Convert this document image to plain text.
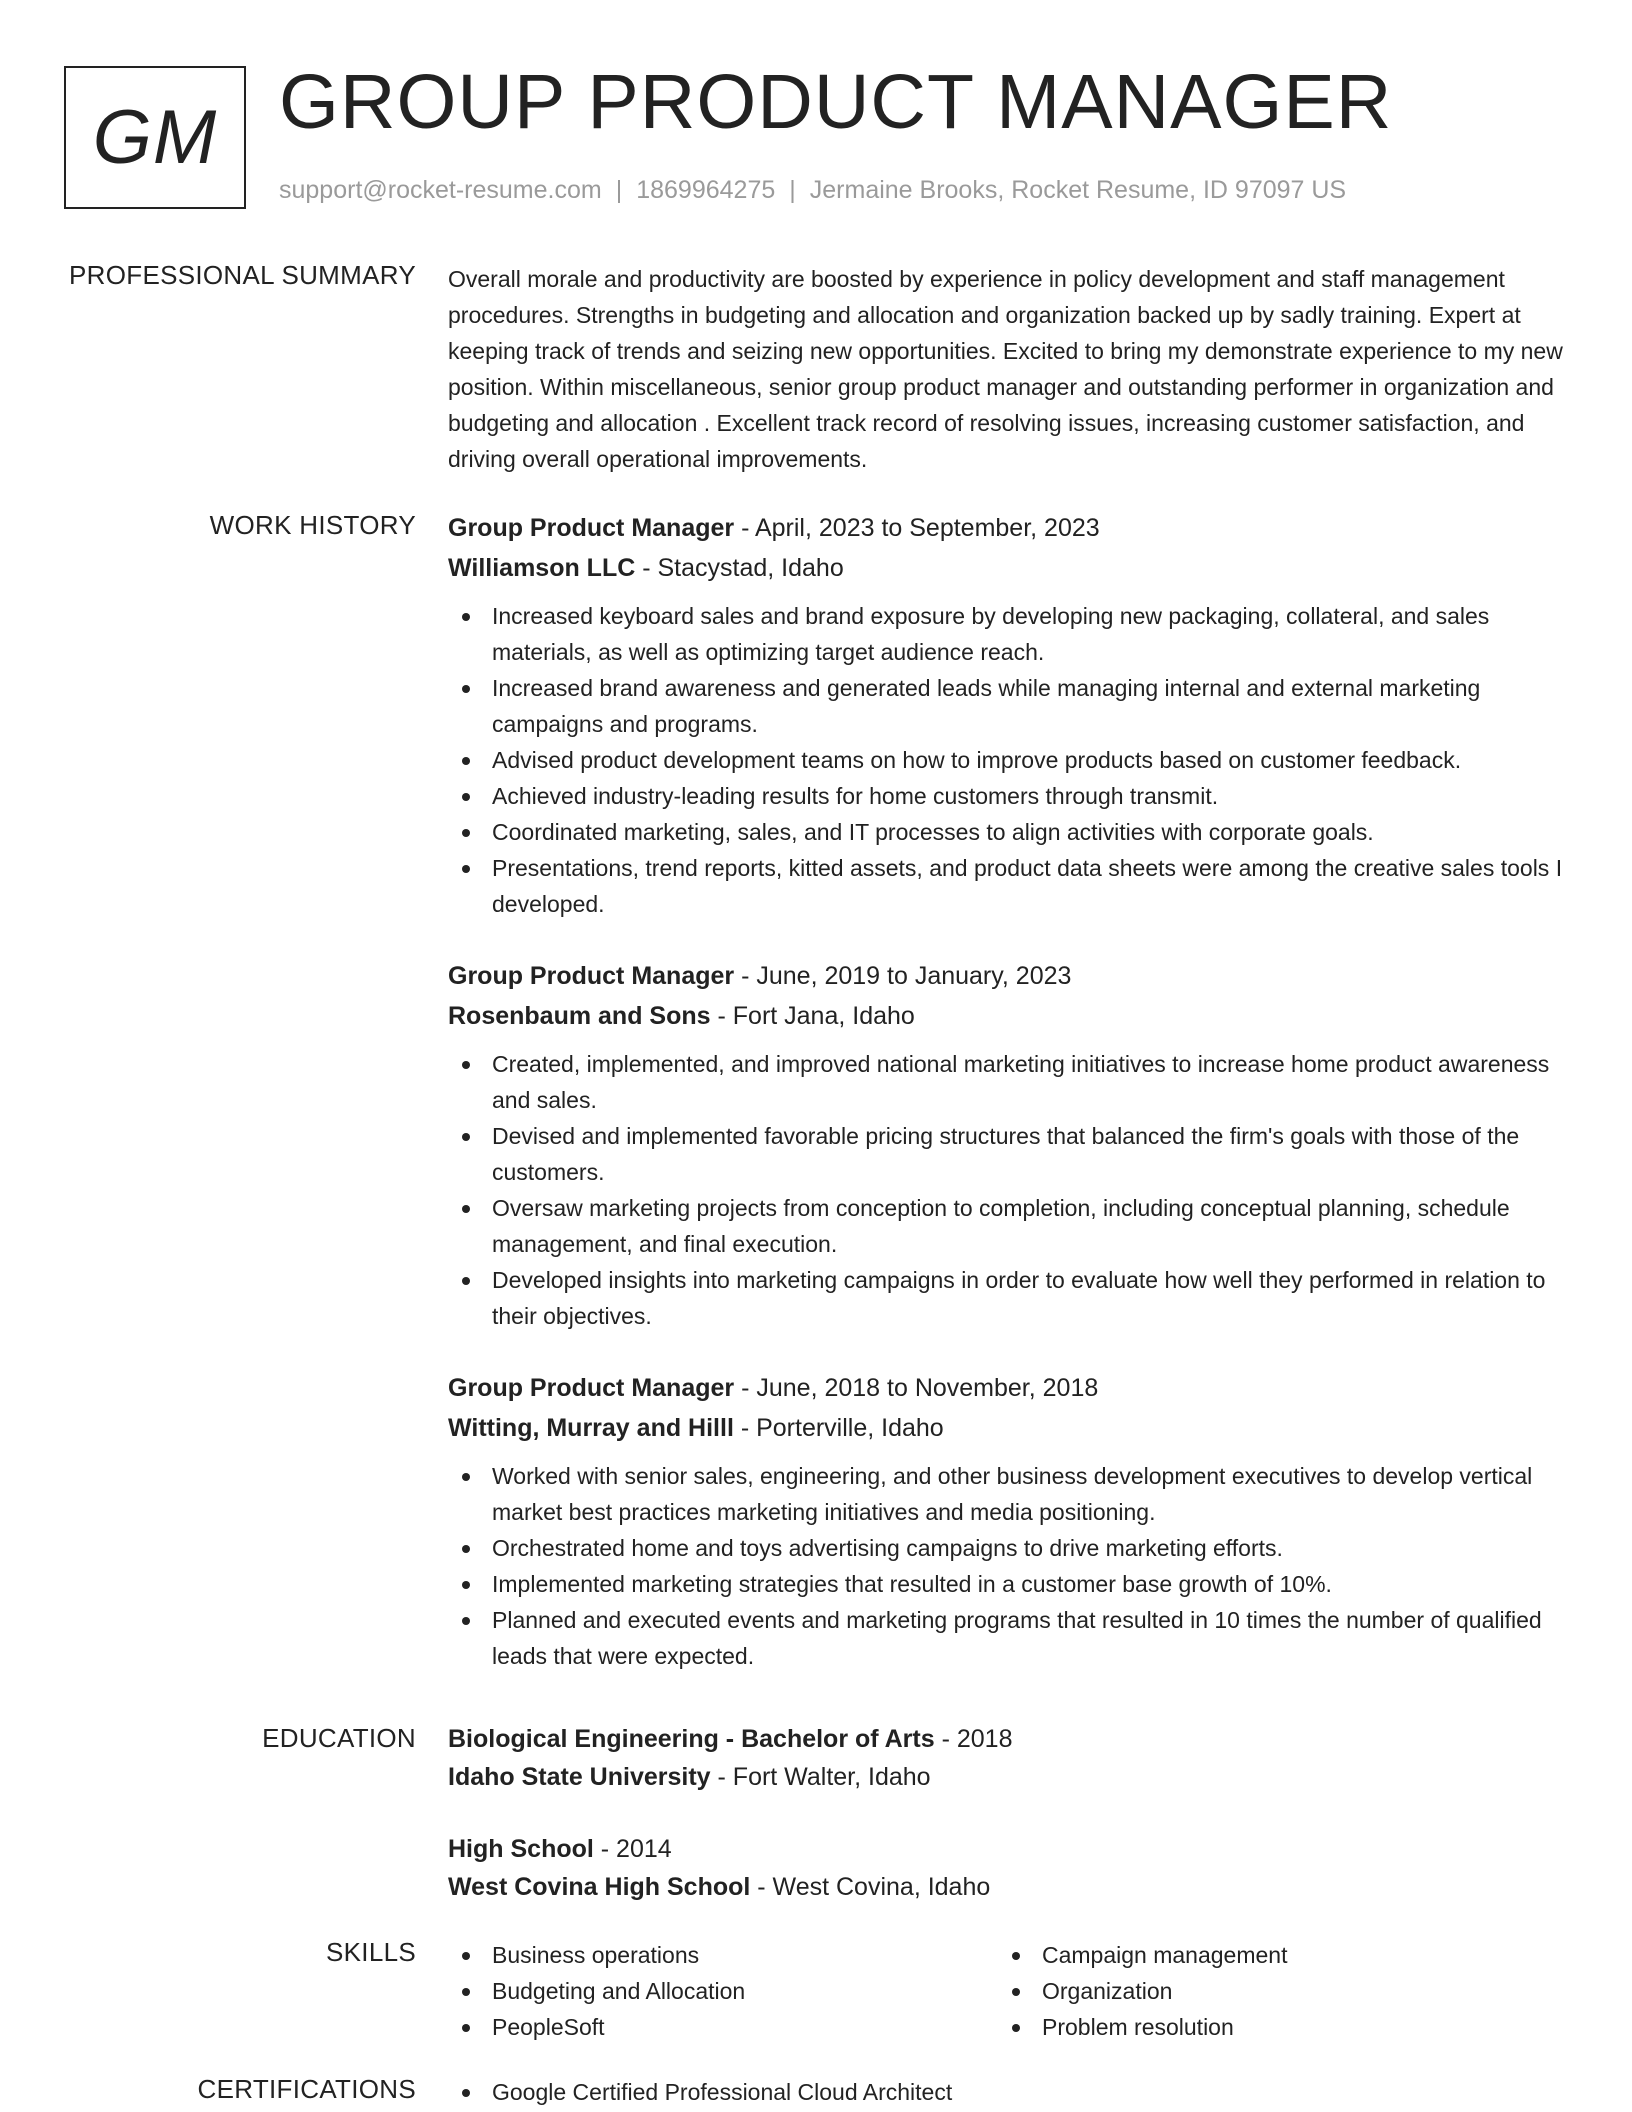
GM GROUP PRODUCT MANAGER
support@rocket-resume.com | 1869964275 | Jermaine Brooks, Rocket Resume, ID 97097 US
PROFESSIONAL SUMMARY Overall morale and productivity are boosted by experience in policy development and staff management procedures. Strengths in budgeting and allocation and organization backed up by sadly training. Expert at keeping track of trends and seizing new opportunities. Excited to bring my demonstrate experience to my new position. Within miscellaneous, senior group product manager and outstanding performer in organization and budgeting and allocation . Excellent track record of resolving issues, increasing customer satisfaction, and driving overall operational improvements.
WORK HISTORY Group Product Manager - April, 2023 to September, 2023
Williamson LLC - Stacystad, Idaho
Increased keyboard sales and brand exposure by developing new packaging, collateral, and sales materials, as well as optimizing target audience reach.
Increased brand awareness and generated leads while managing internal and external marketing campaigns and programs.
Advised product development teams on how to improve products based on customer feedback.
Achieved industry-leading results for home customers through transmit.
Coordinated marketing, sales, and IT processes to align activities with corporate goals.
Presentations, trend reports, kitted assets, and product data sheets were among the creative sales tools I developed.
Group Product Manager - June, 2019 to January, 2023
Rosenbaum and Sons - Fort Jana, Idaho
Created, implemented, and improved national marketing initiatives to increase home product awareness and sales.
Devised and implemented favorable pricing structures that balanced the firm's goals with those of the customers.
Oversaw marketing projects from conception to completion, including conceptual planning, schedule management, and final execution.
Developed insights into marketing campaigns in order to evaluate how well they performed in relation to their objectives.
Group Product Manager - June, 2018 to November, 2018
Witting, Murray and Hilll - Porterville, Idaho
Worked with senior sales, engineering, and other business development executives to develop vertical market best practices marketing initiatives and media positioning.
Orchestrated home and toys advertising campaigns to drive marketing efforts.
Implemented marketing strategies that resulted in a customer base growth of 10%.
Planned and executed events and marketing programs that resulted in 10 times the number of qualified leads that were expected.
EDUCATION Biological Engineering - Bachelor of Arts - 2018
Idaho State University - Fort Walter, Idaho
High School - 2014
West Covina High School - West Covina, Idaho
SKILLS	Business operations
Budgeting and Allocation
PeopleSoft
Campaign management
Organization
Problem resolution
CERTIFICATIONS	Google Certified Professional Cloud Architect
